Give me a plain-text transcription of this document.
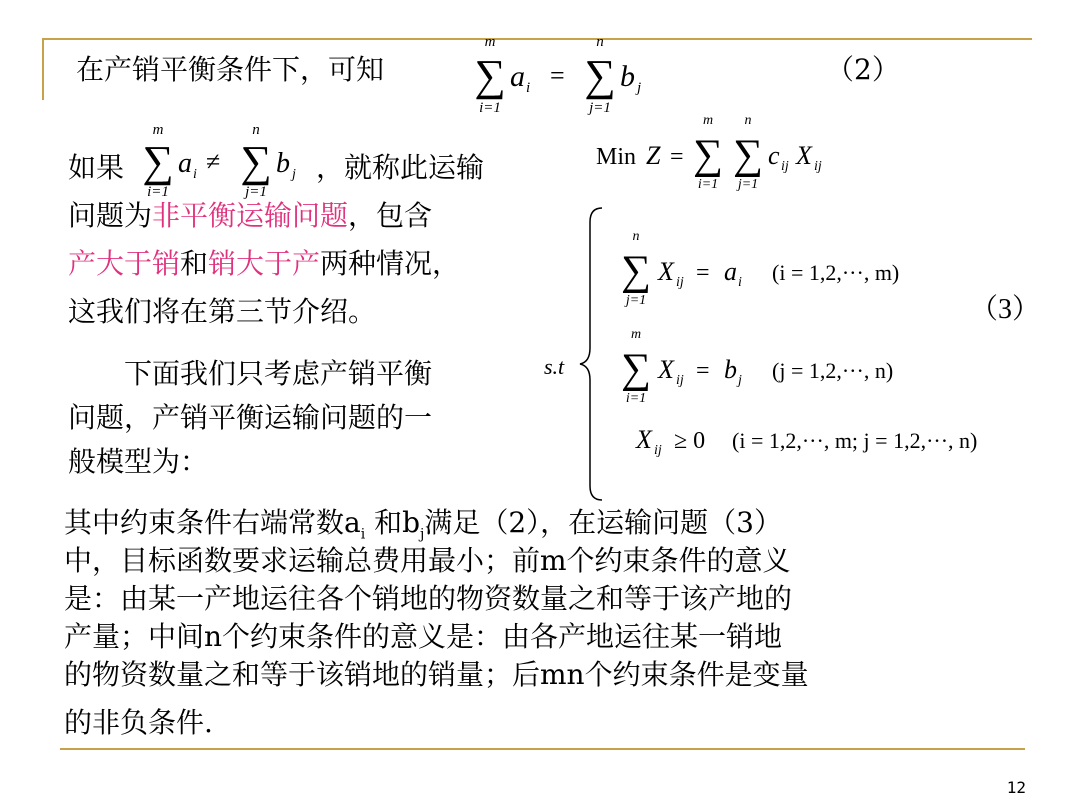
在产销平衡条件下，可知
m
∑
i=1
a i =
n
∑
j=1
b j
（2）
如果
m
∑
i=1
a i ≠
n
∑
j=1
b j ，就称此运输
问题为非平衡运输问题，包含
产大于销和销大于产两种情况，
这我们将在第三节介绍。
下面我们只考虑产销平衡
问题，产销平衡运输问题的一
般模型为：
Min Z =
m
∑
i=1
n
∑
j=1
c ij X ij
s.t
n
∑
j=1
X ij = a i (i = 1,2,···, m)
（3）
m
∑
i=1
X ij = b j (j = 1,2,···, n)
X ij ≥ 0 (i = 1,2,···, m; j = 1,2,···, n)
其中约束条件右端常数$a_i$ 和$b_j$满足（2），在运输问题（3）
中，目标函数要求运输总费用最小；前m个约束条件的意义
是：由某一产地运往各个销地的物资数量之和等于该产地的
产量；中间n个约束条件的意义是：由各产地运往某一销地
的物资数量之和等于该销地的销量；后mn个约束条件是变量
的非负条件.
12
